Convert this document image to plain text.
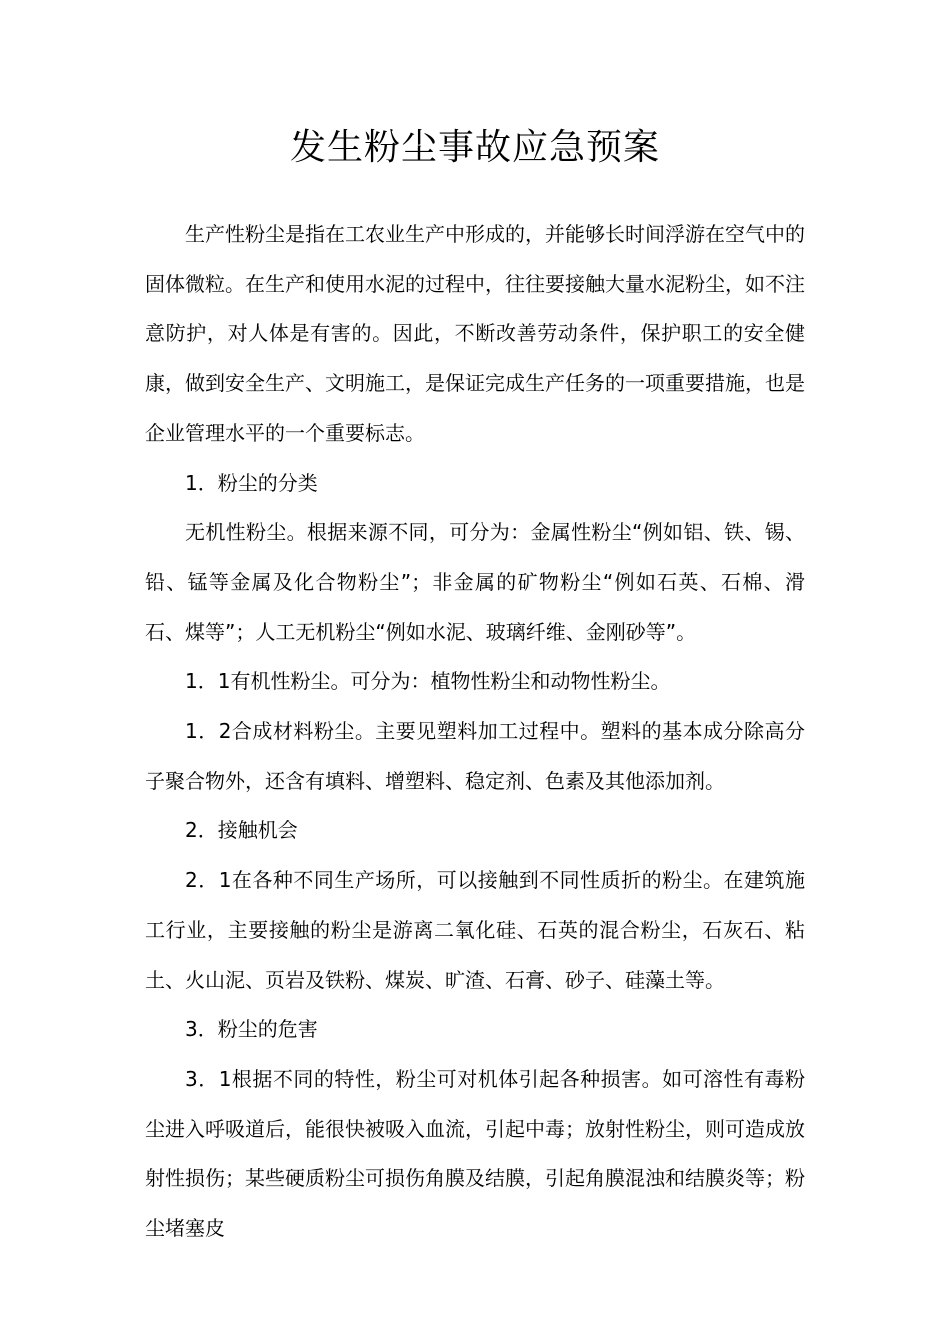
发生粉尘事故应急预案

生产性粉尘是指在工农业生产中形成的，并能够长时间浮游在空气中的固体微粒。在生产和使用水泥的过程中，往往要接触大量水泥粉尘，如不注意防护，对人体是有害的。因此，不断改善劳动条件，保护职工的安全健康，做到安全生产、文明施工，是保证完成生产任务的一项重要措施，也是企业管理水平的一个重要标志。

1．粉尘的分类

无机性粉尘。根据来源不同，可分为：金属性粉尘“例如铝、铁、锡、铅、锰等金属及化合物粉尘”；非金属的矿物粉尘“例如石英、石棉、滑石、煤等”；人工无机粉尘“例如水泥、玻璃纤维、金刚砂等”。

1．1有机性粉尘。可分为：植物性粉尘和动物性粉尘。

1．2合成材料粉尘。主要见塑料加工过程中。塑料的基本成分除高分子聚合物外，还含有填料、增塑料、稳定剂、色素及其他添加剂。

2．接触机会

2．1在各种不同生产场所，可以接触到不同性质折的粉尘。在建筑施工行业，主要接触的粉尘是游离二氧化硅、石英的混合粉尘，石灰石、粘土、火山泥、页岩及铁粉、煤炭、旷渣、石膏、砂子、硅藻土等。

3．粉尘的危害

3．1根据不同的特性，粉尘可对机体引起各种损害。如可溶性有毒粉尘进入呼吸道后，能很快被吸入血流，引起中毒；放射性粉尘，则可造成放射性损伤；某些硬质粉尘可损伤角膜及结膜，引起角膜混浊和结膜炎等；粉尘堵塞皮
